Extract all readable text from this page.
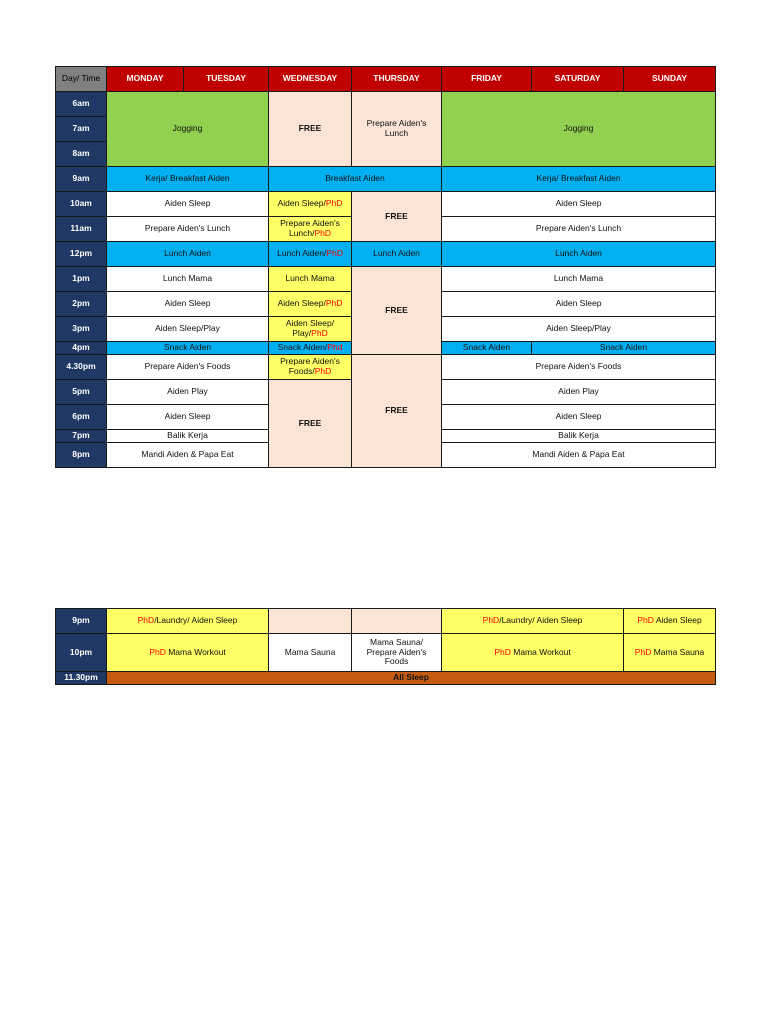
Day/ Time	MONDAY	TUESDAY	WEDNESDAY	THURSDAY	FRIDAY	SATURDAY	SUNDAY
6am	Jogging		FREE	Prepare Aiden's Lunch	Jogging		
7am							
8am							
9am	Kerja/ Breakfast Aiden		Breakfast Aiden		Kerja/ Breakfast Aiden		
10am	Aiden Sleep		Aiden Sleep/PhD	FREE	Aiden Sleep		
11am	Prepare Aiden's Lunch		Prepare Aiden's Lunch/PhD		Prepare Aiden's Lunch		
12pm	Lunch Aiden		Lunch Aiden/PhD	Lunch Aiden	Lunch Aiden		
1pm	Lunch Mama		Lunch Mama	FREE	Lunch Mama		
2pm	Aiden Sleep		Aiden Sleep/PhD		Aiden Sleep		
3pm	Aiden Sleep/Play		Aiden Sleep/ Play/PhD		Aiden Sleep/Play		
4pm	Snack Aiden		Snack Aiden/Phd		Snack Aiden	Snack Aiden	
4.30pm	Prepare Aiden's Foods		Prepare Aiden's Foods/PhD	FREE	Prepare Aiden's Foods		
5pm	Aiden Play		FREE		Aiden Play		
6pm	Aiden Sleep				Aiden Sleep		
7pm	Balik Kerja				Balik Kerja		
8pm	Mandi Aiden & Papa Eat				Mandi Aiden & Papa Eat		
9pm	PhD/Laundry/ Aiden Sleep			PhD/Laundry/ Aiden Sleep	PhD Aiden Sleep
10pm	PhD Mama Workout	Mama Sauna	Mama Sauna/ Prepare Aiden's Foods	PhD Mama Workout	PhD Mama Sauna
11.30pm	All Sleep				
